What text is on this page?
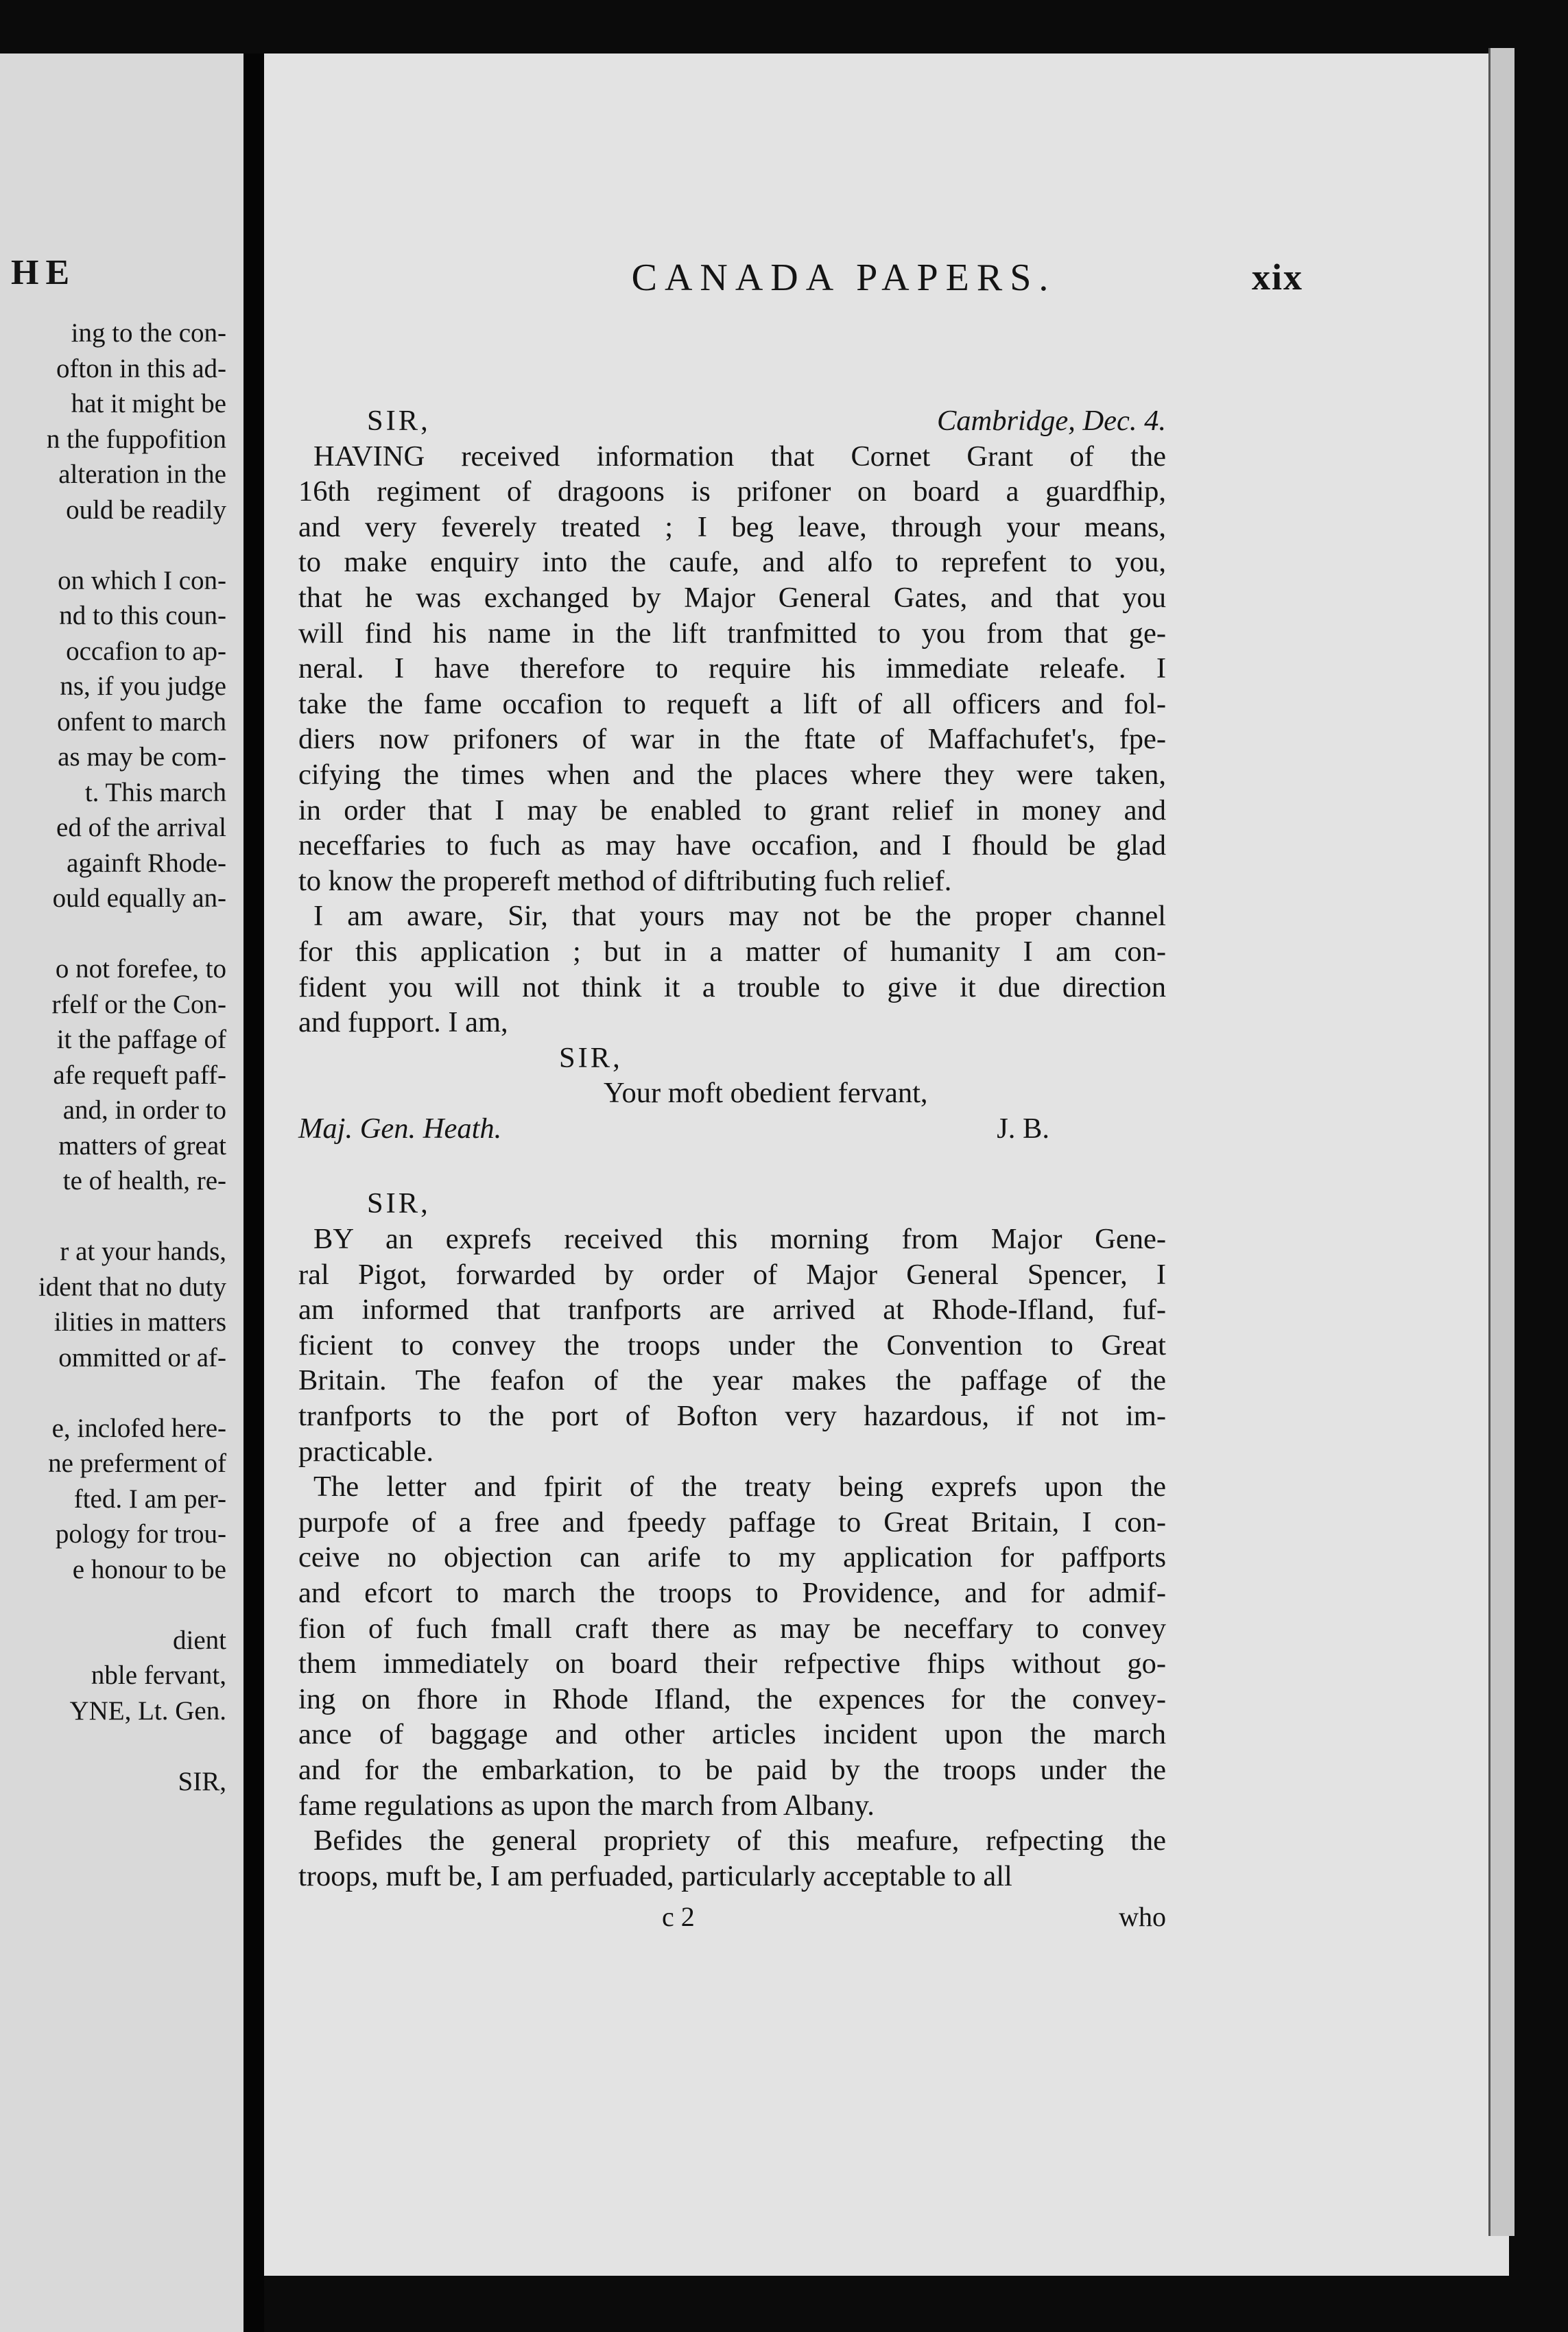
HE
ing to the con-
ofton in this ad-
hat it might be
n the fuppofition
alteration in the
ould be readily
on which I con-
nd to this coun-
occafion to ap-
ns, if you judge
onfent to march
as may be com-
t. This march
ed of the arrival
againft Rhode-
ould equally an-
o not forefee, to
rfelf or the Con-
it the paffage of
afe requeft paff-
and, in order to
matters of great
te of health, re-
r at your hands,
ident that no duty
ilities in matters
ommitted or af-
e, inclofed here-
ne preferment of
fted. I am per-
pology for trou-
e honour to be
dient
nble fervant,
YNE, Lt. Gen.
SIR,
CANADA PAPERS.	xix
SIR,	Cambridge, Dec. 4.
HAVING received information that Cornet Grant of the
16th regiment of dragoons is prifoner on board a guardfhip,
and very feverely treated ; I beg leave, through your means,
to make enquiry into the caufe, and alfo to reprefent to you,
that he was exchanged by Major General Gates, and that you
will find his name in the lift tranfmitted to you from that ge-
neral. I have therefore to require his immediate releafe. I
take the fame occafion to requeft a lift of all officers and fol-
diers now prifoners of war in the ftate of Maffachufet's, fpe-
cifying the times when and the places where they were taken,
in order that I may be enabled to grant relief in money and
neceffaries to fuch as may have occafion, and I fhould be glad
to know the propereft method of diftributing fuch relief.
I am aware, Sir, that yours may not be the proper channel
for this application ; but in a matter of humanity I am con-
fident you will not think it a trouble to give it due direction
and fupport. I am,
SIR,
Your moft obedient fervant,
Maj. Gen. Heath.	J. B.
SIR,
BY an exprefs received this morning from Major Gene-
ral Pigot, forwarded by order of Major General Spencer, I
am informed that tranfports are arrived at Rhode-Ifland, fuf-
ficient to convey the troops under the Convention to Great
Britain. The feafon of the year makes the paffage of the
tranfports to the port of Bofton very hazardous, if not im-
practicable.
The letter and fpirit of the treaty being exprefs upon the
purpofe of a free and fpeedy paffage to Great Britain, I con-
ceive no objection can arife to my application for paffports
and efcort to march the troops to Providence, and for admif-
fion of fuch fmall craft there as may be neceffary to convey
them immediately on board their refpective fhips without go-
ing on fhore in Rhode Ifland, the expences for the convey-
ance of baggage and other articles incident upon the march
and for the embarkation, to be paid by the troops under the
fame regulations as upon the march from Albany.
Befides the general propriety of this meafure, refpecting the
troops, muft be, I am perfuaded, particularly acceptable to all
c 2	who
